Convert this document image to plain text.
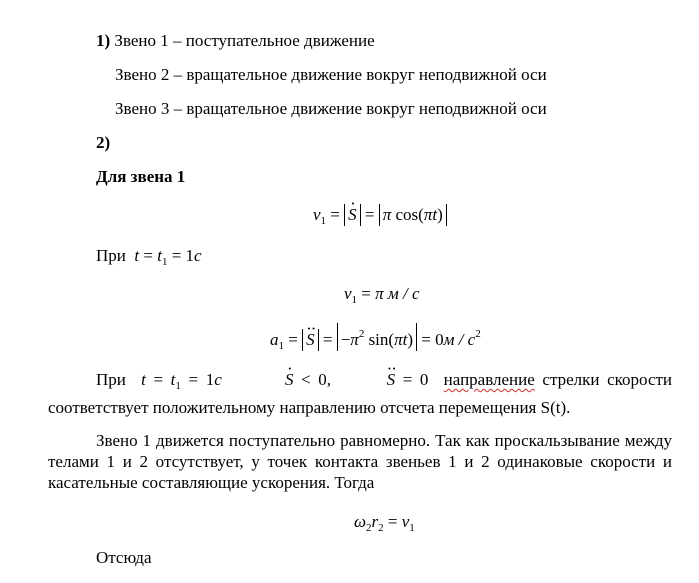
1) Звено 1 – поступательное движение
Звено 2 – вращательное движение вокруг неподвижной оси
Звено 3 – вращательное движение вокруг неподвижной оси
2)
Для звена 1
$v_1$ = · S = π cos(πt)
При  $t = t_1 = 1c$
$v_1 = \pi$ м / c
$a_1$ = ·· $S = -\pi^2$ $\sin(\pi t) = 0м / c^2$
При  $t = t_1 = 1c$	· S < 0,	·· S = 0 направление стрелки скорости соответствует положительному направлению отсчета перемещения S(t).
Звено 1 движется поступательно равномерно. Так как проскальзывание между телами 1 и 2 отсутствует, у точек контакта звеньев 1 и 2 одинаковые скорости и касательные составляющие ускорения. Тогда
$\omega_2r_2 = v_1$
Отсюда
